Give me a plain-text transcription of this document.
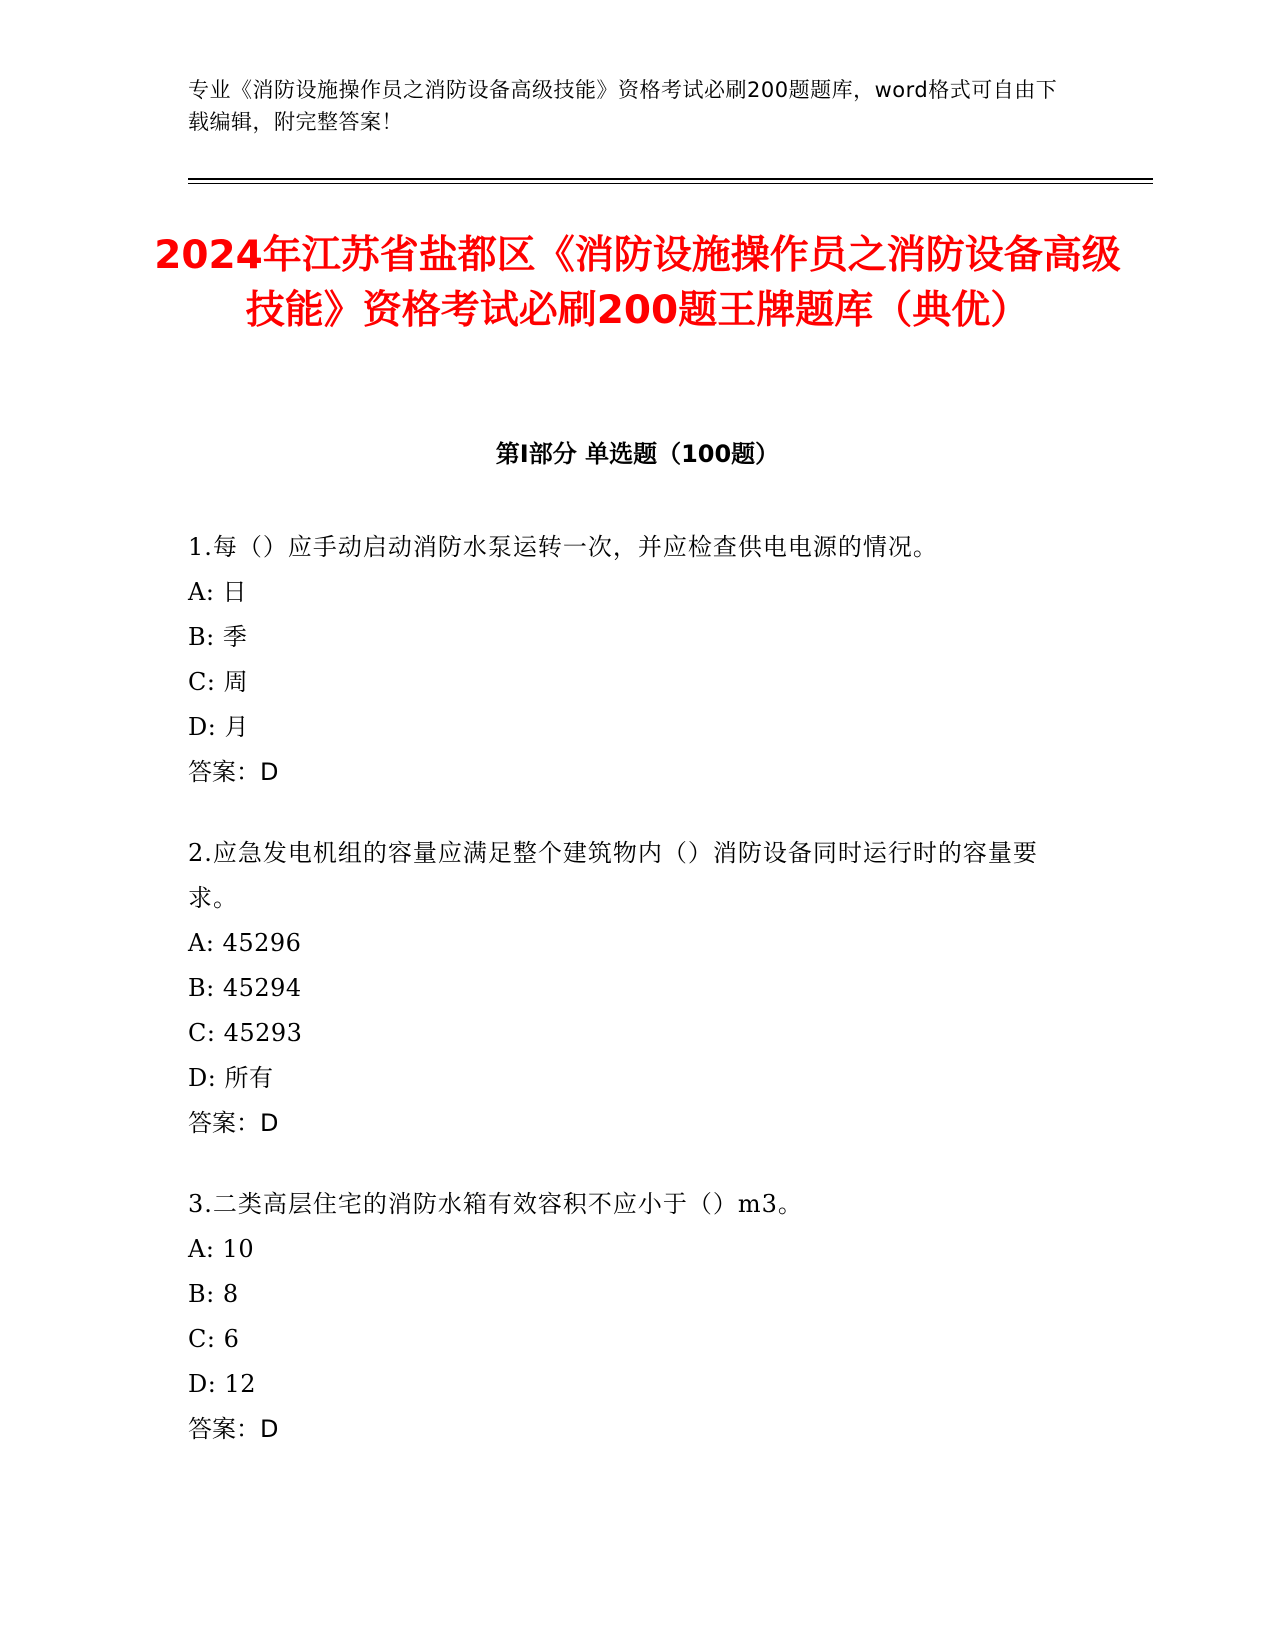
专业《消防设施操作员之消防设备高级技能》资格考试必刷200题题库，word格式可自由下载编辑，附完整答案！
2024年江苏省盐都区《消防设施操作员之消防设备高级技能》资格考试必刷200题王牌题库（典优）
第I部分 单选题（100题）
1.每（）应手动启动消防水泵运转一次，并应检查供电电源的情况。
A: 日
B: 季
C: 周
D: 月
答案：D
2.应急发电机组的容量应满足整个建筑物内（）消防设备同时运行时的容量要求。
A: 45296
B: 45294
C: 45293
D: 所有
答案：D
3.二类高层住宅的消防水箱有效容积不应小于（）m3。
A: 10
B: 8
C: 6
D: 12
答案：D
